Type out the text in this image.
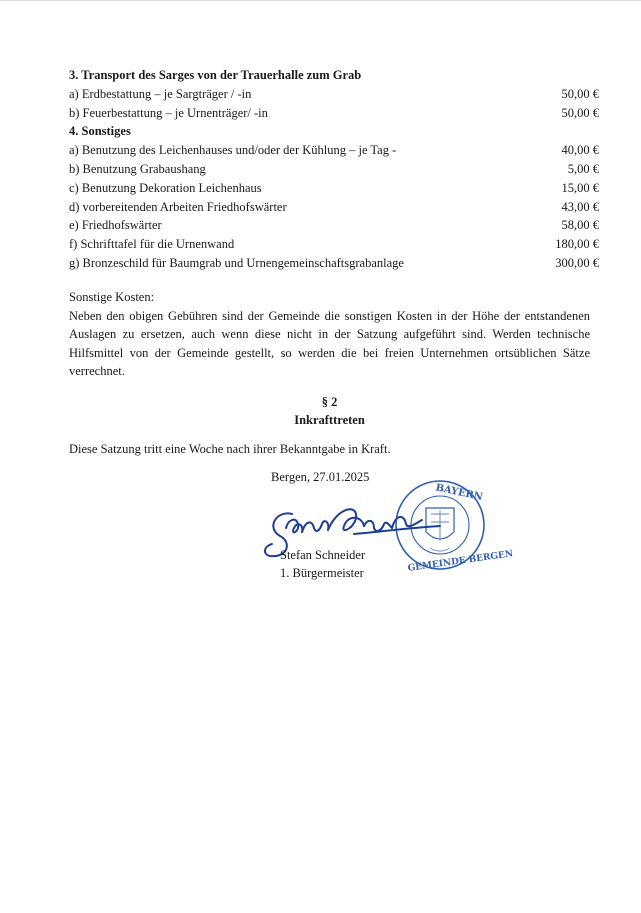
3. Transport des Sarges von der Trauerhalle zum Grab
a) Erdbestattung – je Sargträger / -in	50,00 €
b) Feuerbestattung – je Urnenträger/ -in	50,00 €
4. Sonstiges
a) Benutzung des Leichenhauses und/oder der Kühlung – je Tag -	40,00 €
b) Benutzung Grabaushang	5,00 €
c) Benutzung Dekoration Leichenhaus	15,00 €
d) vorbereitenden Arbeiten Friedhofswärter	43,00 €
e) Friedhofswärter	58,00 €
f) Schrifttafel für die Urnenwand	180,00 €
g) Bronzeschild für Baumgrab und Urnengemeinschaftsgrabanlage	300,00 €

Sonstige Kosten:

Neben den obigen Gebühren sind der Gemeinde die sonstigen Kosten in der Höhe der entstandenen Auslagen zu ersetzen, auch wenn diese nicht in der Satzung aufgeführt sind. Werden technische Hilfsmittel von der Gemeinde gestellt, so werden die bei freien Unternehmen ortsüblichen Sätze verrechnet.

§ 2
Inkrafttreten

Diese Satzung tritt eine Woche nach ihrer Bekanntgabe in Kraft.

Bergen, 27.01.2025
BAYERN
GEMEINDE BERGEN
Stefan Schneider
1. Bürgermeister
